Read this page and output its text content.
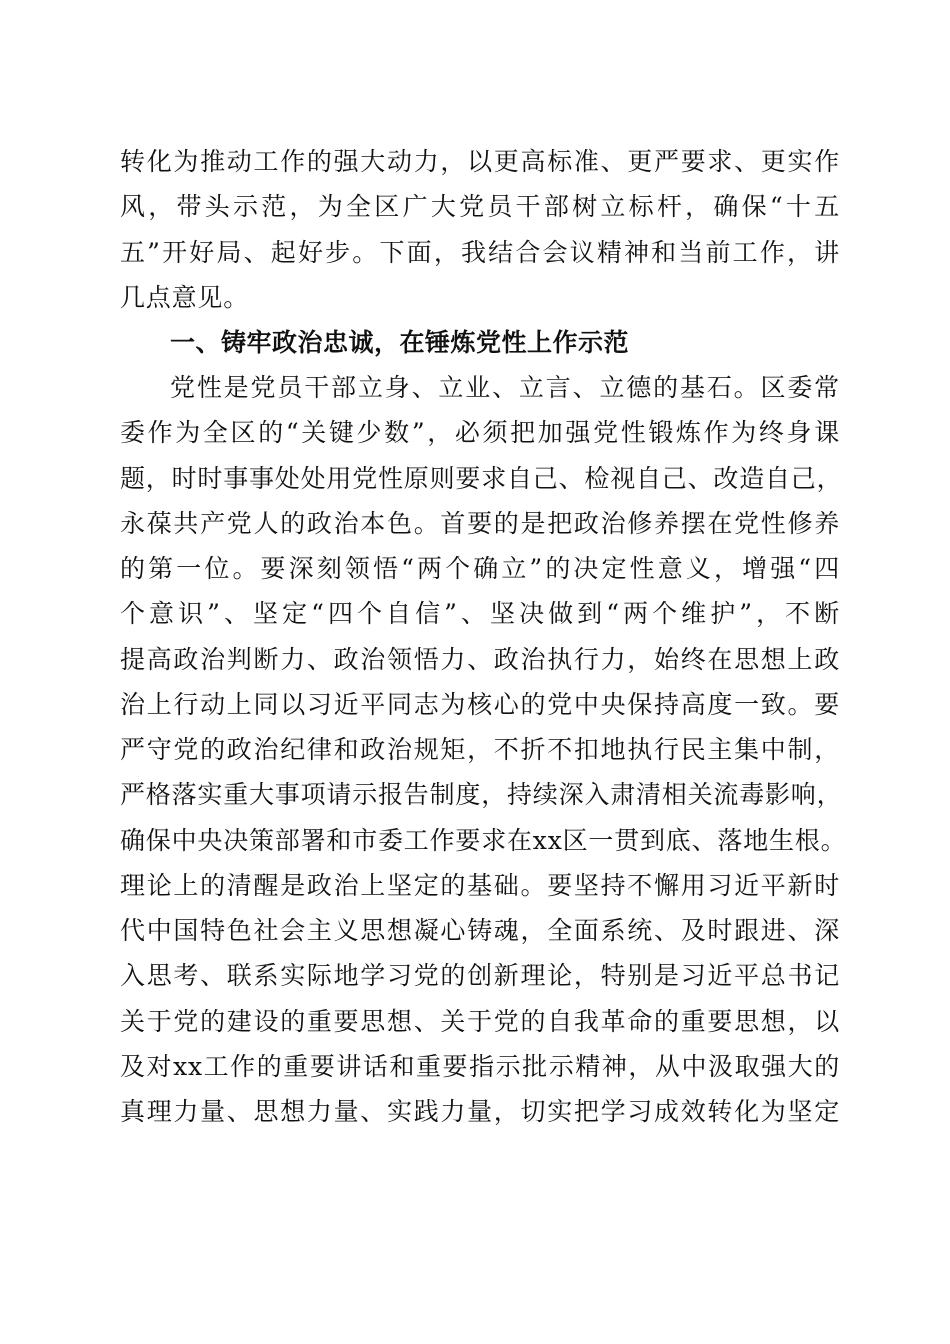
转化为推动工作的强大动力，以更高标准、更严要求、更实作
风，带头示范，为全区广大党员干部树立标杆，确保“十五
五”开好局、起好步。下面，我结合会议精神和当前工作，讲
几点意见。
一、铸牢政治忠诚，在锤炼党性上作示范
党性是党员干部立身、立业、立言、立德的基石。区委常
委作为全区的“关键少数”，必须把加强党性锻炼作为终身课
题，时时事事处处用党性原则要求自己、检视自己、改造自己，
永葆共产党人的政治本色。首要的是把政治修养摆在党性修养
的第一位。要深刻领悟“两个确立”的决定性意义，增强“四
个意识”、坚定“四个自信”、坚决做到“两个维护”，不断
提高政治判断力、政治领悟力、政治执行力，始终在思想上政
治上行动上同以习近平同志为核心的党中央保持高度一致。要
严守党的政治纪律和政治规矩，不折不扣地执行民主集中制，
严格落实重大事项请示报告制度，持续深入肃清相关流毒影响，
确保中央决策部署和市委工作要求在xx区一贯到底、落地生根。
理论上的清醒是政治上坚定的基础。要坚持不懈用习近平新时
代中国特色社会主义思想凝心铸魂，全面系统、及时跟进、深
入思考、联系实际地学习党的创新理论，特别是习近平总书记
关于党的建设的重要思想、关于党的自我革命的重要思想，以
及对xx工作的重要讲话和重要指示批示精神，从中汲取强大的
真理力量、思想力量、实践力量，切实把学习成效转化为坚定
